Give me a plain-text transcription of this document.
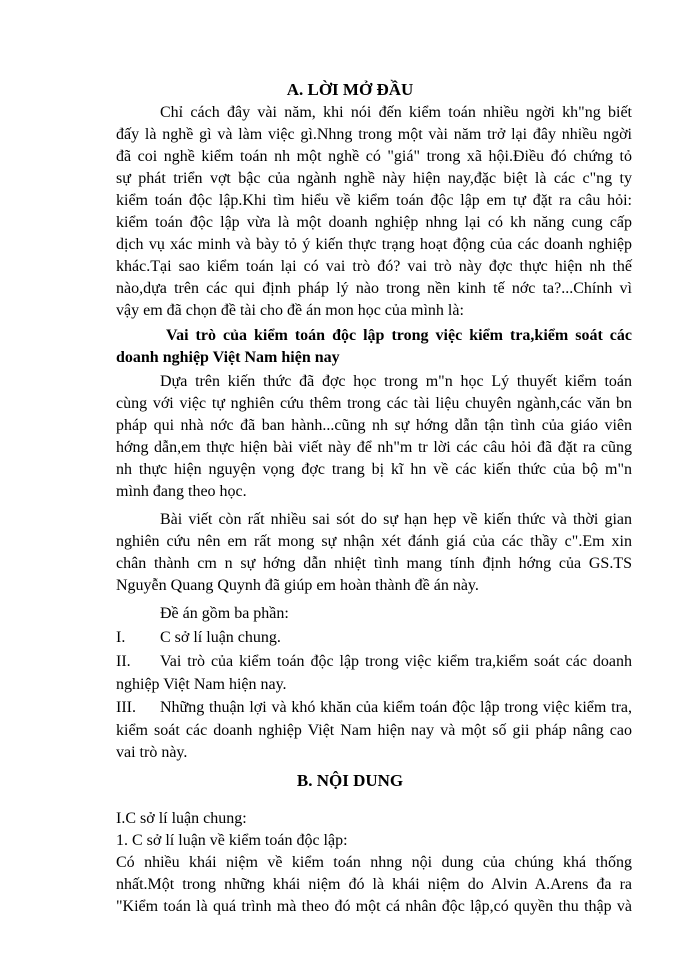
A. LỜI MỞ ĐẦU
Chỉ cách đây vài năm, khi nói đến kiểm toán nhiều ngời kh"ng biết
đấy là nghề gì và làm việc gì.Nhng trong một vài năm trở lại đây nhiều ngời
đã coi nghề kiểm toán nh một nghề có "giá" trong xã hội.Điều đó chứng tỏ
sự phát triển vợt bậc của ngành nghề này hiện nay,đặc biệt là các c"ng ty
kiểm toán độc lập.Khi tìm hiểu về kiểm toán độc lập em tự đặt ra câu hỏi:
kiểm toán độc lập vừa là một doanh nghiệp nhng lại có kh năng cung cấp
dịch vụ xác minh và bày tỏ ý kiến thực trạng hoạt động của các doanh nghiệp
khác.Tại sao kiểm toán lại có vai trò đó? vai trò này đợc thực hiện nh thế
nào,dựa trên các qui định pháp lý nào trong nền kinh tế nớc ta?...Chính vì
vậy em đã chọn đề tài cho đề án mon học của mình là:
Vai trò của kiểm toán độc lập trong việc kiểm tra,kiểm soát các
doanh nghiệp Việt Nam hiện nay
Dựa trên kiến thức đã đợc học trong m"n học Lý thuyết kiểm toán
cùng với việc tự nghiên cứu thêm trong các tài liệu chuyên ngành,các văn bn
pháp qui nhà nớc đã ban hành...cũng nh sự hớng dẫn tận tình của giáo viên
hớng dẫn,em thực hiện bài viết này để nh"m tr lời các câu hỏi đã đặt ra cũng
nh thực hiện nguyện vọng đợc trang bị kĩ hn về các kiến thức của bộ m"n
mình đang theo học.
Bài viết còn rất nhiều sai sót do sự hạn hẹp về kiến thức và thời gian
nghiên cứu nên em rất mong sự nhận xét đánh giá của các thầy c".Em xin
chân thành cm n sự hớng dẫn nhiệt tình mang tính định hớng của GS.TS
Nguyễn Quang Quynh đã giúp em hoàn thành đề án này.
Đề án gồm ba phần:
I. C sở lí luận chung.
II. Vai trò của kiểm toán độc lập trong việc kiểm tra,kiểm soát các doanh
nghiệp Việt Nam hiện nay.
III. Những thuận lợi và khó khăn của kiểm toán độc lập trong việc kiểm tra,
kiểm soát các doanh nghiệp Việt Nam hiện nay và một số gii pháp nâng cao
vai trò này.
B. NỘI DUNG
I.C sở lí luận chung:
1. C sở lí luận về kiểm toán độc lập:
Có nhiều khái niệm về kiểm toán nhng nội dung của chúng khá thống
nhất.Một trong những khái niệm đó là khái niệm do Alvin A.Arens đa ra
"Kiểm toán là quá trình mà theo đó một cá nhân độc lập,có quyền thu thập và
